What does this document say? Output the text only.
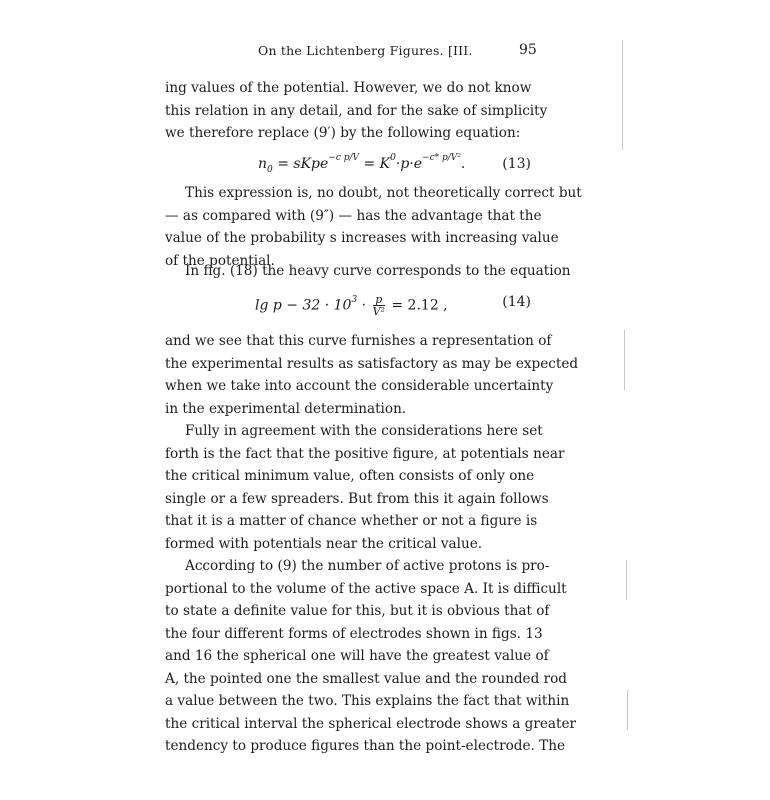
On the Lichtenberg Figures. [III.	95
ing values of the potential. However, we do not know
this relation in any detail, and for the sake of simplicity
we therefore replace (9′) by the following equation:
$n_0$ = sKpe$^{-c p/V}$ = $K^0\cdot p\cdot e^{-c* p/V^2}$.	(13)
This expression is, no doubt, not theoretically correct but
— as compared with (9″) — has the advantage that the
value of the probability s increases with increasing value
of the potential.
In fig. (18) the heavy curve corresponds to the equation
$\lg p - 32 \cdot 10^3 \cdot \frac{p}{\text{V²}} = 2.12$ ,	(14)
and we see that this curve furnishes a representation of
the experimental results as satisfactory as may be expected
when we take into account the considerable uncertainty
in the experimental determination.
Fully in agreement with the considerations here set
forth is the fact that the positive figure, at potentials near
the critical minimum value, often consists of only one
single or a few spreaders. But from this it again follows
that it is a matter of chance whether or not a figure is
formed with potentials near the critical value.
According to (9) the number of active protons is pro-
portional to the volume of the active space A. It is difficult
to state a definite value for this, but it is obvious that of
the four different forms of electrodes shown in figs. 13
and 16 the spherical one will have the greatest value of
A, the pointed one the smallest value and the rounded rod
a value between the two. This explains the fact that within
the critical interval the spherical electrode shows a greater
tendency to produce figures than the point-electrode. The
